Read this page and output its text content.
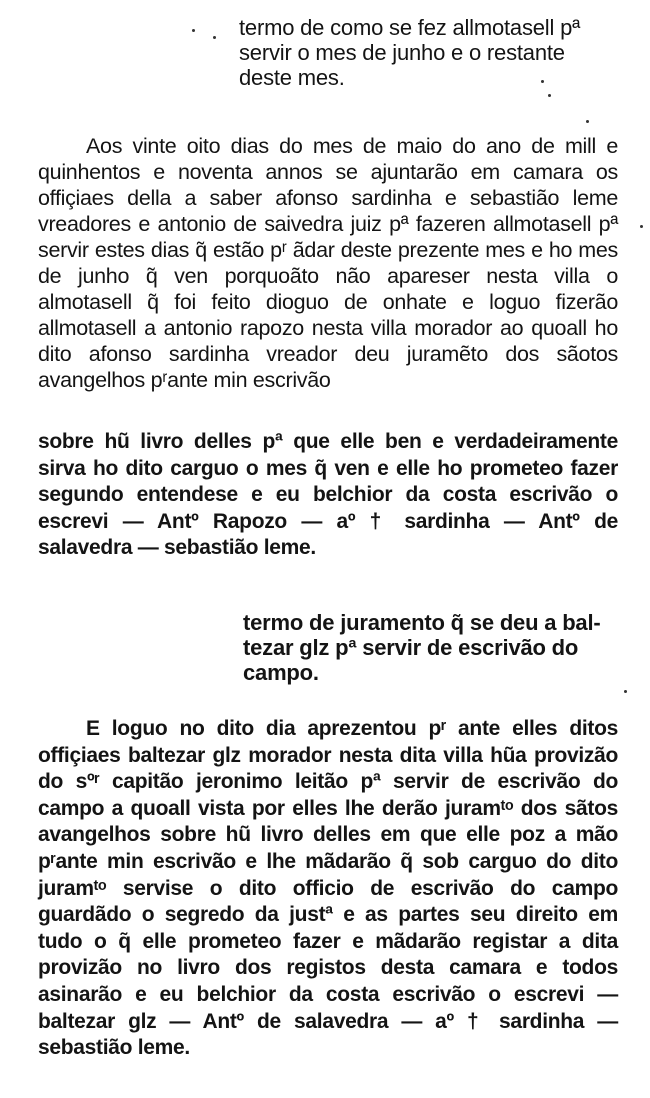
termo de como se fez allmotasell pª
servir o mes de junho e o restante
deste mes.

Aos vinte oito dias do mes de maio do ano de mill e quinhentos e noventa annos se ajuntarão em camara os offiçiaes della a saber afonso sardinha e sebastião leme vreadores e antonio de saivedra juiz pª fazeren allmotasell pª servir estes dias q̃ estão pʳ ãdar deste prezente mes e ho mes de junho q̃ ven porquoãto não apareser nesta villa o almotasell q̃ foi feito dioguo de onhate e loguo fizerão allmotasell a antonio rapozo nesta villa morador ao quoall ho dito afonso sardinha vreador deu juramẽto dos sãotos avangelhos pʳante min escrivão

sobre hũ livro delles pª que elle ben e verdadeiramente sirva ho dito carguo o mes q̃ ven e elle ho prometeo fazer segundo entendese e eu belchior da costa escrivão o escrevi — Antº Rapozo — aº † sardinha — Antº de salavedra — sebastião leme.

termo de juramento q̃ se deu a bal-
tezar glz pª servir de escrivão do
campo.

E loguo no dito dia aprezentou pʳ ante elles ditos offiçiaes baltezar glz morador nesta dita villa hũa provizão do sºʳ capitão jeronimo leitão pª servir de escrivão do campo a quoall vista por elles lhe derão juramᵗᵒ dos sãtos avangelhos sobre hũ livro delles em que elle poz a mão pʳante min escrivão e lhe mãdarão q̃ sob carguo do dito juramᵗᵒ servise o dito officio de escrivão do campo guardãdo o segredo da justª e as partes seu direito em tudo o q̃ elle prometeo fazer e mãdarão registar a dita provizão no livro dos registos desta camara e todos asinarão e eu belchior da costa escrivão o escrevi — baltezar glz — Antº de salavedra — aº † sardinha — sebastião leme.
